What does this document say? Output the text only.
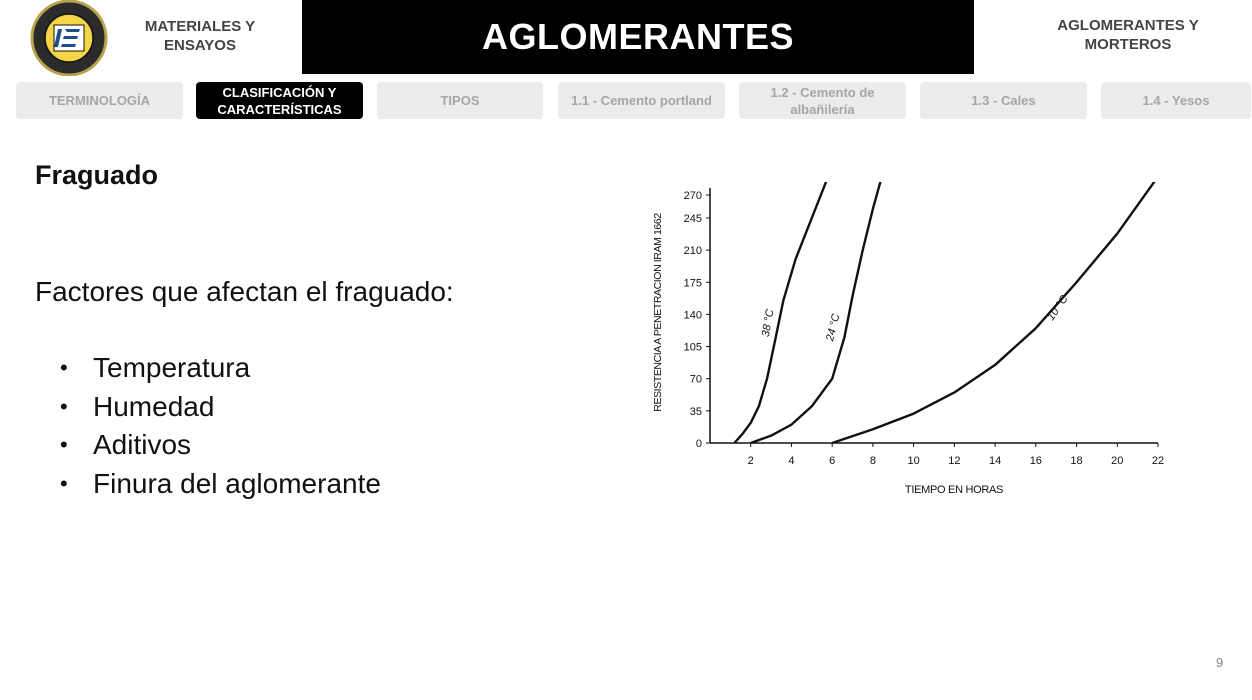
MATERIALES Y ENSAYOS	AGLOMERANTES	AGLOMERANTES Y MORTEROS
TERMINOLOGÍA
CLASIFICACIÓN Y CARACTERÍSTICAS
TIPOS	1.1 - Cemento portland
1.2 - Cemento de albañilería
1.3 - Cales	1.4 - Yesos
Fraguado
Factores que afectan el fraguado:
• Temperatura
• Humedad
• Aditivos
• Finura del aglomerante
0
35
70
105
140
175
210
245
270
2	4	6	8	10	12	14	16	18	20	22
TIEMPO EN HORAS
RESISTENCIA A PENETRACION IRAM 1662	38 °C	24 °C
10 °C
9
